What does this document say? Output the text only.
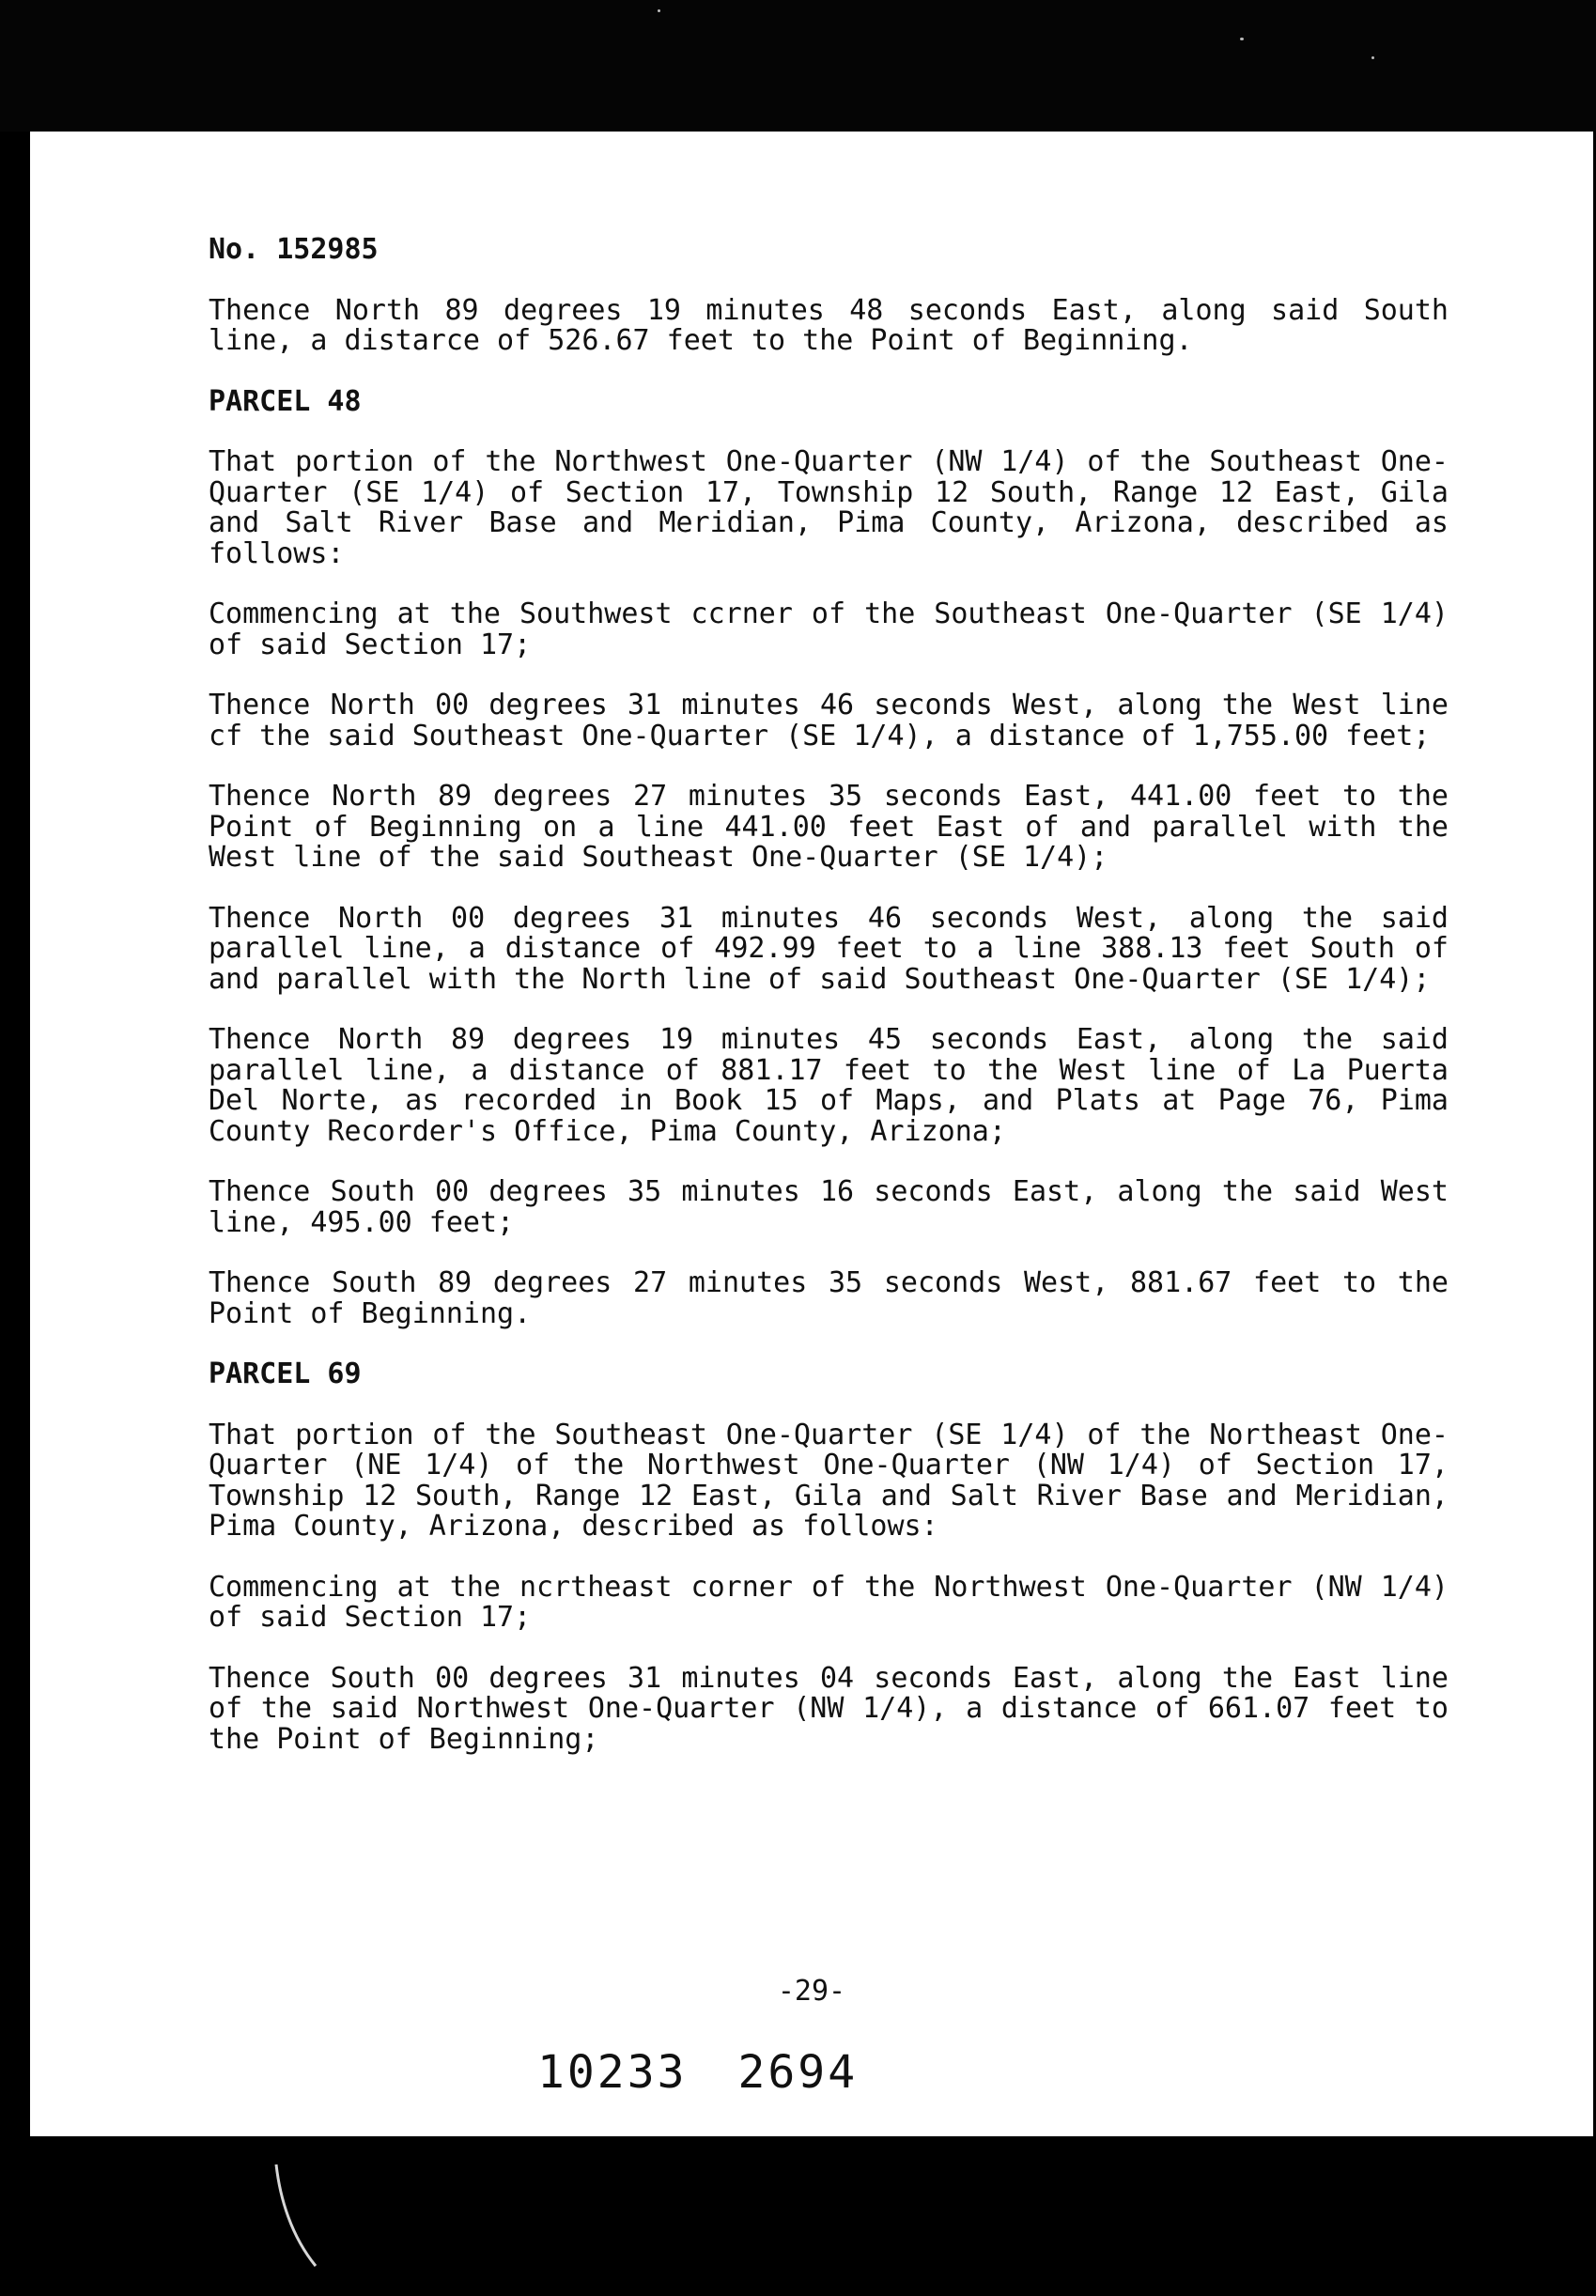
No. 152985

Thence North 89 degrees 19 minutes 48 seconds East, along said South line, a distarce of 526.67 feet to the Point of Beginning.

PARCEL 48

That portion of the Northwest One-Quarter (NW 1/4) of the Southeast One-Quarter (SE 1/4) of Section 17, Township 12 South, Range 12 East, Gila and Salt River Base and Meridian, Pima County, Arizona, described as follows:

Commencing at the Southwest ccrner of the Southeast One-Quarter (SE 1/4) of said Section 17;

Thence North 00 degrees 31 minutes 46 seconds West, along the West line cf the said Southeast One-Quarter (SE 1/4), a distance of 1,755.00 feet;

Thence North 89 degrees 27 minutes 35 seconds East, 441.00 feet to the Point of Beginning on a line 441.00 feet East of and parallel with the West line of the said Southeast One-Quarter (SE 1/4);

Thence North 00 degrees 31 minutes 46 seconds West, along the said parallel line, a distance of 492.99 feet to a line 388.13 feet South of and parallel with the North line of said Southeast One-Quarter (SE 1/4);

Thence North 89 degrees 19 minutes 45 seconds East, along the said parallel line, a distance of 881.17 feet to the West line of La Puerta Del Norte, as recorded in Book 15 of Maps, and Plats at Page 76, Pima County Recorder's Office, Pima County, Arizona;

Thence South 00 degrees 35 minutes 16 seconds East, along the said West line, 495.00 feet;

Thence South 89 degrees 27 minutes 35 seconds West, 881.67 feet to the Point of Beginning.

PARCEL 69

That portion of the Southeast One-Quarter (SE 1/4) of the Northeast One-Quarter (NE 1/4) of the Northwest One-Quarter (NW 1/4) of Section 17, Township 12 South, Range 12 East, Gila and Salt River Base and Meridian, Pima County, Arizona, described as follows:

Commencing at the ncrtheast corner of the Northwest One-Quarter (NW 1/4) of said Section 17;

Thence South 00 degrees 31 minutes 04 seconds East, along the East line of the said Northwest One-Quarter (NW 1/4), a distance of 661.07 feet to the Point of Beginning;

-29-
10233 2694
